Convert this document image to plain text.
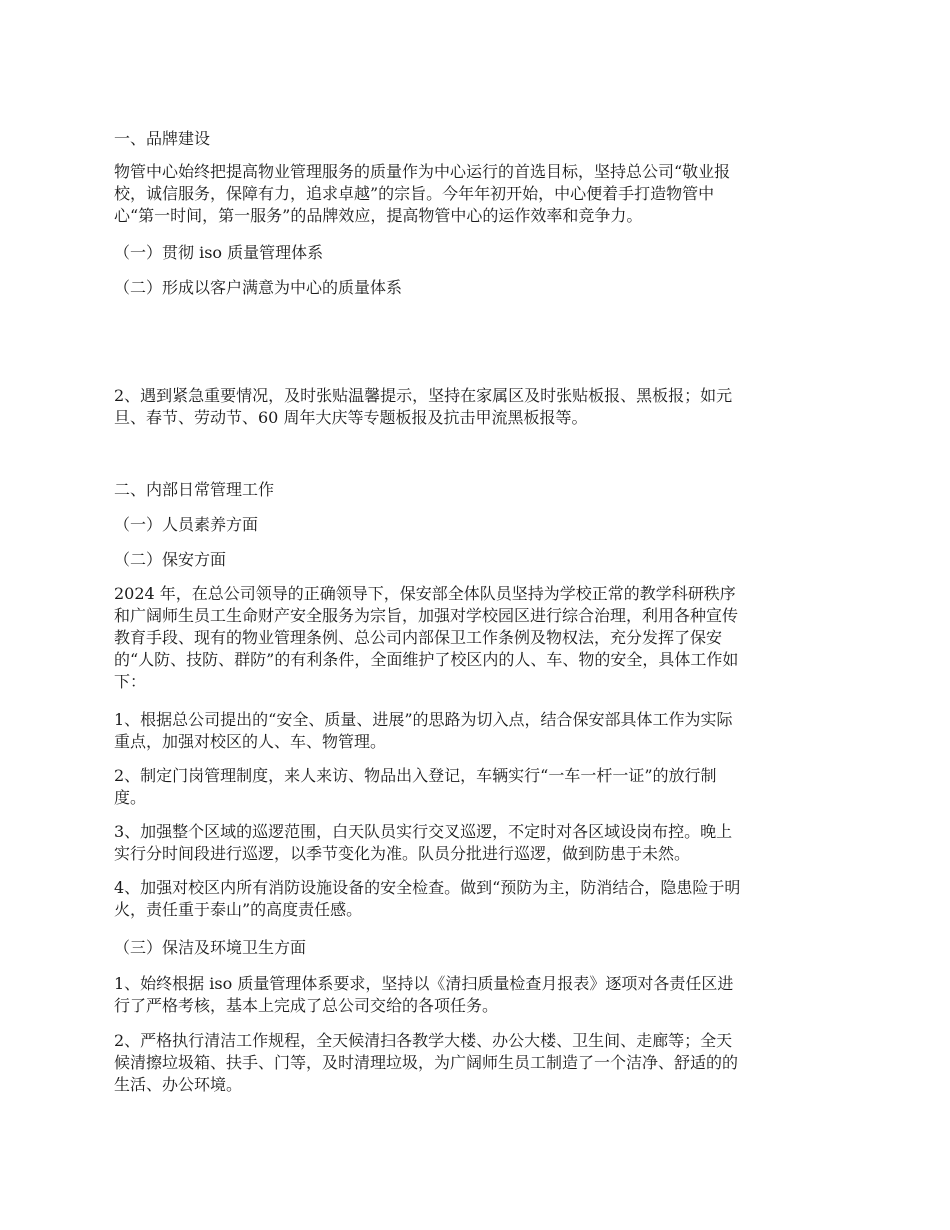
一、品牌建设

物管中心始终把提高物业管理服务的质量作为中心运行的首选目标，坚持总公司“敬业报
校，诚信服务，保障有力，追求卓越”的宗旨。今年年初开始，中心便着手打造物管中
心“第一时间，第一服务”的品牌效应，提高物管中心的运作效率和竞争力。

（一）贯彻 iso 质量管理体系

（二）形成以客户满意为中心的质量体系

2、遇到紧急重要情况，及时张贴温馨提示，坚持在家属区及时张贴板报、黑板报；如元
旦、春节、劳动节、60 周年大庆等专题板报及抗击甲流黑板报等。

二、内部日常管理工作

（一）人员素养方面

（二）保安方面

2024 年，在总公司领导的正确领导下，保安部全体队员坚持为学校正常的教学科研秩序
和广阔师生员工生命财产安全服务为宗旨，加强对学校园区进行综合治理，利用各种宣传
教育手段、现有的物业管理条例、总公司内部保卫工作条例及物权法，充分发挥了保安
的“人防、技防、群防”的有利条件，全面维护了校区内的人、车、物的安全，具体工作如
下：

1、根据总公司提出的“安全、质量、进展”的思路为切入点，结合保安部具体工作为实际
重点，加强对校区的人、车、物管理。

2、制定门岗管理制度，来人来访、物品出入登记，车辆实行“一车一杆一证”的放行制
度。

3、加强整个区域的巡逻范围，白天队员实行交叉巡逻，不定时对各区域设岗布控。晚上
实行分时间段进行巡逻，以季节变化为准。队员分批进行巡逻，做到防患于未然。

4、加强对校区内所有消防设施设备的安全检查。做到“预防为主，防消结合，隐患险于明
火，责任重于泰山”的高度责任感。

（三）保洁及环境卫生方面

1、始终根据 iso 质量管理体系要求，坚持以《清扫质量检查月报表》逐项对各责任区进
行了严格考核，基本上完成了总公司交给的各项任务。

2、严格执行清洁工作规程，全天候清扫各教学大楼、办公大楼、卫生间、走廊等；全天
候清擦垃圾箱、扶手、门等，及时清理垃圾，为广阔师生员工制造了一个洁净、舒适的的
生活、办公环境。
